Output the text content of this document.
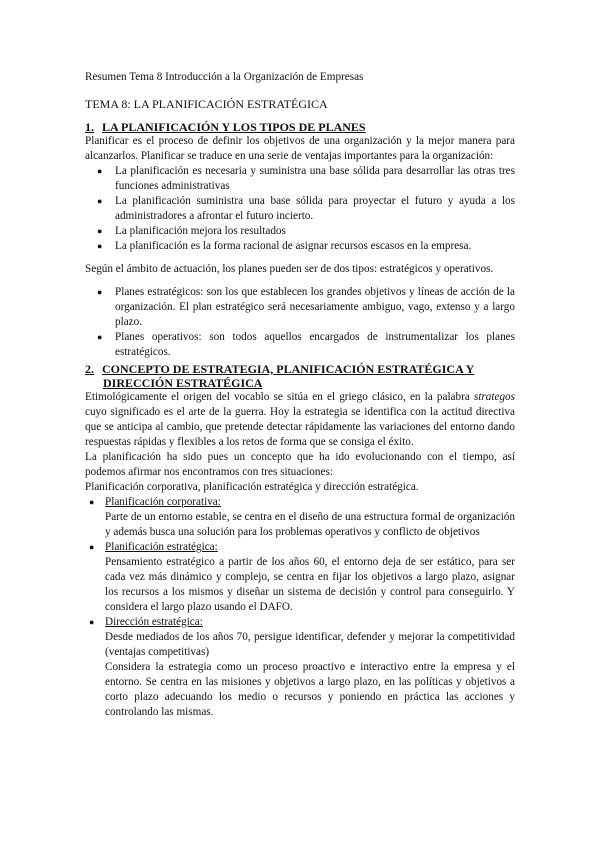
Resumen Tema 8 Introducción a la Organización de Empresas

TEMA 8: LA PLANIFICACIÓN ESTRATÉGICA

1. LA PLANIFICACIÓN Y LOS TIPOS DE PLANES

Planificar es el proceso de definir los objetivos de una organización y la mejor manera para alcanzarlos. Planificar se traduce en una serie de ventajas importantes para la organización:

● La planificación es necesaria y suministra una base sólida para desarrollar las otras tres funciones administrativas
● La planificación suministra una base sólida para proyectar el futuro y ayuda a los administradores a afrontar el futuro incierto.
● La planificación mejora los resultados
● La planificación es la forma racional de asignar recursos escasos en la empresa.

Según el ámbito de actuación, los planes pueden ser de dos tipos: estratégicos y operativos.

● Planes estratégicos: son los que establecen los grandes objetivos y líneas de acción de la organización. El plan estratégico será necesariamente ambiguo, vago, extenso y a largo plazo.
● Planes operativos: son todos aquellos encargados de instrumentalizar los planes estratégicos.
2. CONCEPTO DE ESTRATEGIA, PLANIFICACIÓN ESTRATÉGICA Y
DIRECCIÓN ESTRATÉGICA

Etimológicamente el origen del vocablo se sitúa en el griego clásico, en la palabra strategos cuyo significado es el arte de la guerra. Hoy la estrategia se identifica con la actitud directiva que se anticipa al cambio, que pretende detectar rápidamente las variaciones del entorno dando respuestas rápidas y flexibles a los retos de forma que se consiga el éxito.

La planificación ha sido pues un concepto que ha ido evolucionando con el tiempo, así podemos afirmar nos encontramos con tres situaciones:

Planificación corporativa, planificación estratégica y dirección estratégica.

● Planificación corporativa:

Parte de un entorno estable, se centra en el diseño de una estructura formal de organización y además busca una solución para los problemas operativos y conflicto de objetivos

● Planificación estratégica:

Pensamiento estratégico a partir de los años 60, el entorno deja de ser estático, para ser cada vez más dinámico y complejo, se centra en fijar los objetivos a largo plazo, asignar los recursos a los mismos y diseñar un sistema de decisión y control para conseguirlo. Y considera el largo plazo usando el DAFO.

● Dirección estratégica:

Desde mediados de los años 70, persigue identificar, defender y mejorar la competitividad (ventajas competitivas)

Considera la estrategia como un proceso proactivo e interactivo entre la empresa y el entorno. Se centra en las misiones y objetivos a largo plazo, en las políticas y objetivos a corto plazo adecuando los medio o recursos y poniendo en práctica las acciones y controlando las mismas.
